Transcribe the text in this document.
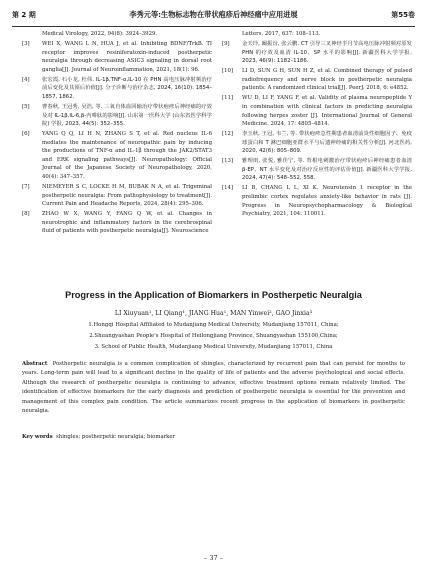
第 2 期	李秀元等:生物标志物在带状疱疹后神经痛中应用进展	第55卷
Medical Virology, 2022, 94(8): 3924–3929.
[3]	WEI X, WANG L N, HUA J, et al. Inhibiting BDNF/TrkB. TI receptor improves resiniferatoxin-induced postherpetic neuralgia through decreasing ASIC3 signaling in dorsal root ganglia[J]. Journal of Neuroinflammation, 2021, 18(1): 96.
[4]	张宏霞, 石小龙, 杜伟. IL-1β,TNF-α,IL-10 在 PHN 高电压脉冲射频治疗前后变化及其预后价值[J]. 分子诊断与治疗杂志, 2024, 16(10): 1854–1857, 1862.
[5]	曹春秋, 王冠秀, 吴浩, 等. 三氧自体血回输治疗带状疱疹后神经痛的疗效及对 IL-1β,IL-6,β-内啡肽的影响[J]. 山东第一医科大学 (山东省医学科学院) 学报, 2023, 44(5): 352–355.
[6]	YANG Q Q, LI H N, ZHANG S T, et al. Red nucleus IL-6 mediates the maintenance of neuropathic pain by inducing the productions of TNF-α and IL-1β through the JAK2/STAT3 and ERK signaling pathways[J]. Neuropathology: Official Journal of the Japanese Society of Neuropathology, 2020, 40(4): 347–357.
[7]	NIEMEYER S C, LOCKE H M, BUBAK N A, et al. Trigeminal postherpetic neuralgia: From pathophysiology to treatment[J]. Current Pain and Headache Reports, 2024, 28(4): 295–306.
[8]	ZHAO W X, WANG Y, FANG Q W, et al. Changes in neurotrophic and inflammatory factors in the cerebrospinal fluid of patients with postherpetic neuralgia[J]. Neuroscience
Letters. 2017, 637: 108–113.
[9]	金天玲, 阚振汾, 张云鹏. CT 引导三叉神经半月节高电压脉冲射频对原发 PHN 的疗效及血清 IL-10、SP 水平的影响[J]. 新疆医科大学学报, 2023, 46(9): 1182–1186.
[10]	LI D, SUN G H, SUN H Z, et al. Combined therapy of pulsed radiofrequency and nerve block in postherpetic neuralgia patients: A randomized clinical trial[J]. PeerJ. 2018, 6: e4852.
[11]	WU D, LI F, YANG F, et al. Validity of plasma neuropeptide Y in combination with clinical factors in predicting neuralgia following herpes zoster [J]. International Journal of General Medicine. 2024, 17: 4805–4814.
[12]	李玉秋, 王冠, 韦兰, 等. 带状疱疹急性期患者血清前炎性细胞因子、免疫球蛋白和 T 淋巴细胞亚群水平与后遗神经痛的相关性分析[J]. 河北医药, 2020, 42(6): 805–809.
[13]	雅理雨, 张悦, 雅佳宁, 等. 背根电刺激治疗带状疱疹后神经痛患者血清 β-EP、NT 水平变化及对治疗反应性的评估价值[J]. 新疆医科大学学报, 2024, 47(4): 548–552, 558.
[14]	LI B, CHANG L L, XI K. Neurotensin 1 receptor in the prelimbic cortex regulates anxiety-like behavior in rats [J]. Progress in Neuropsychopharmacology & Biological Psychiatry, 2021, 104: 110011.
Progress in the Application of Biomarkers in Postherpetic Neuralgia
LI Xiuyuan¹, LI Qiang¹, JIANG Hua¹, MAN Yinwei², GAO Jinxia³
1.Hongqi Hospital Affiliated to Mudanjiang Medical University, Mudanjiang 157011, China;
2.Shuangyashan People's Hospital of Heilongjiang Province, Shuangyashan 155100,China;
3. School of Public Health, Mudanjiang Medical University, Mudanjiang 157011, China
Abstract Postherpetic neuralgia is a common complication of shingles, characterized by recurrent pain that can persist for months to years. Long-term pain will lead to a significant decline in the quality of life of patients and the adverse psychological and social effects. Although the research of postherpetic neuralgia is continuing to advance, effective treatment options remain relatively limited. The identification of effective biomarkers for the early diagnosis and prediction of postherpetic neuralgia is essential for the prevention and management of this complex pain condition. The article summarizes recent progress in the application of biomarkers in postherpetic neuralgia.
Key words shingles; postherpetic neuralgia; biomarker
– 37 –
